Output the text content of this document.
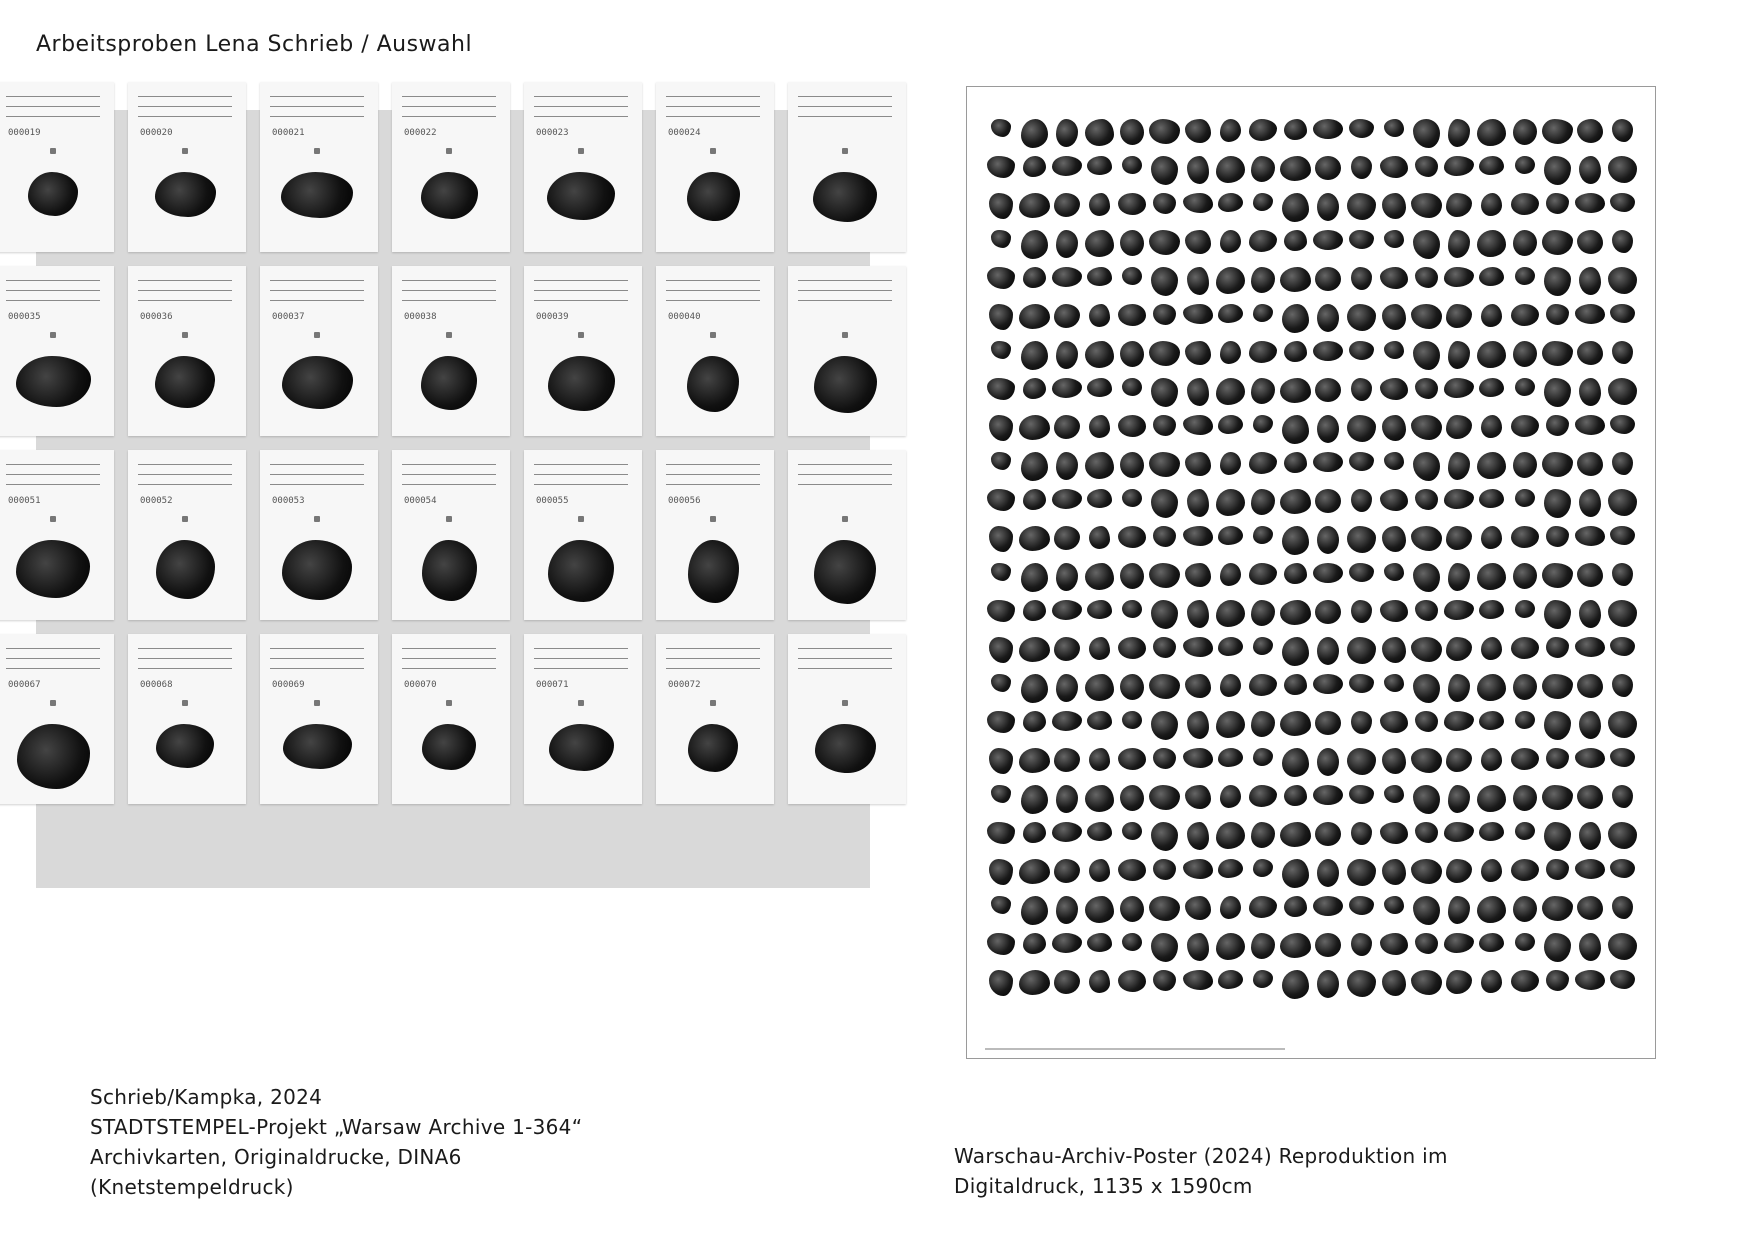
Arbeitsproben Lena Schrieb / Auswahl
000019	000020	000021	000022	000023	000024
000035	000036	000037	000038	000039	000040
000051	000052	000053	000054	000055	000056
000067	000068	000069	000070	000071	000072
Schrieb/Kampka, 2024
STADTSTEMPEL-Projekt „Warsaw Archive 1-364“
Archivkarten, Originaldrucke, DINA6
(Knetstempeldruck)
Warschau-Archiv-Poster (2024) Reproduktion im
Digitaldruck, 1135 x 1590cm
